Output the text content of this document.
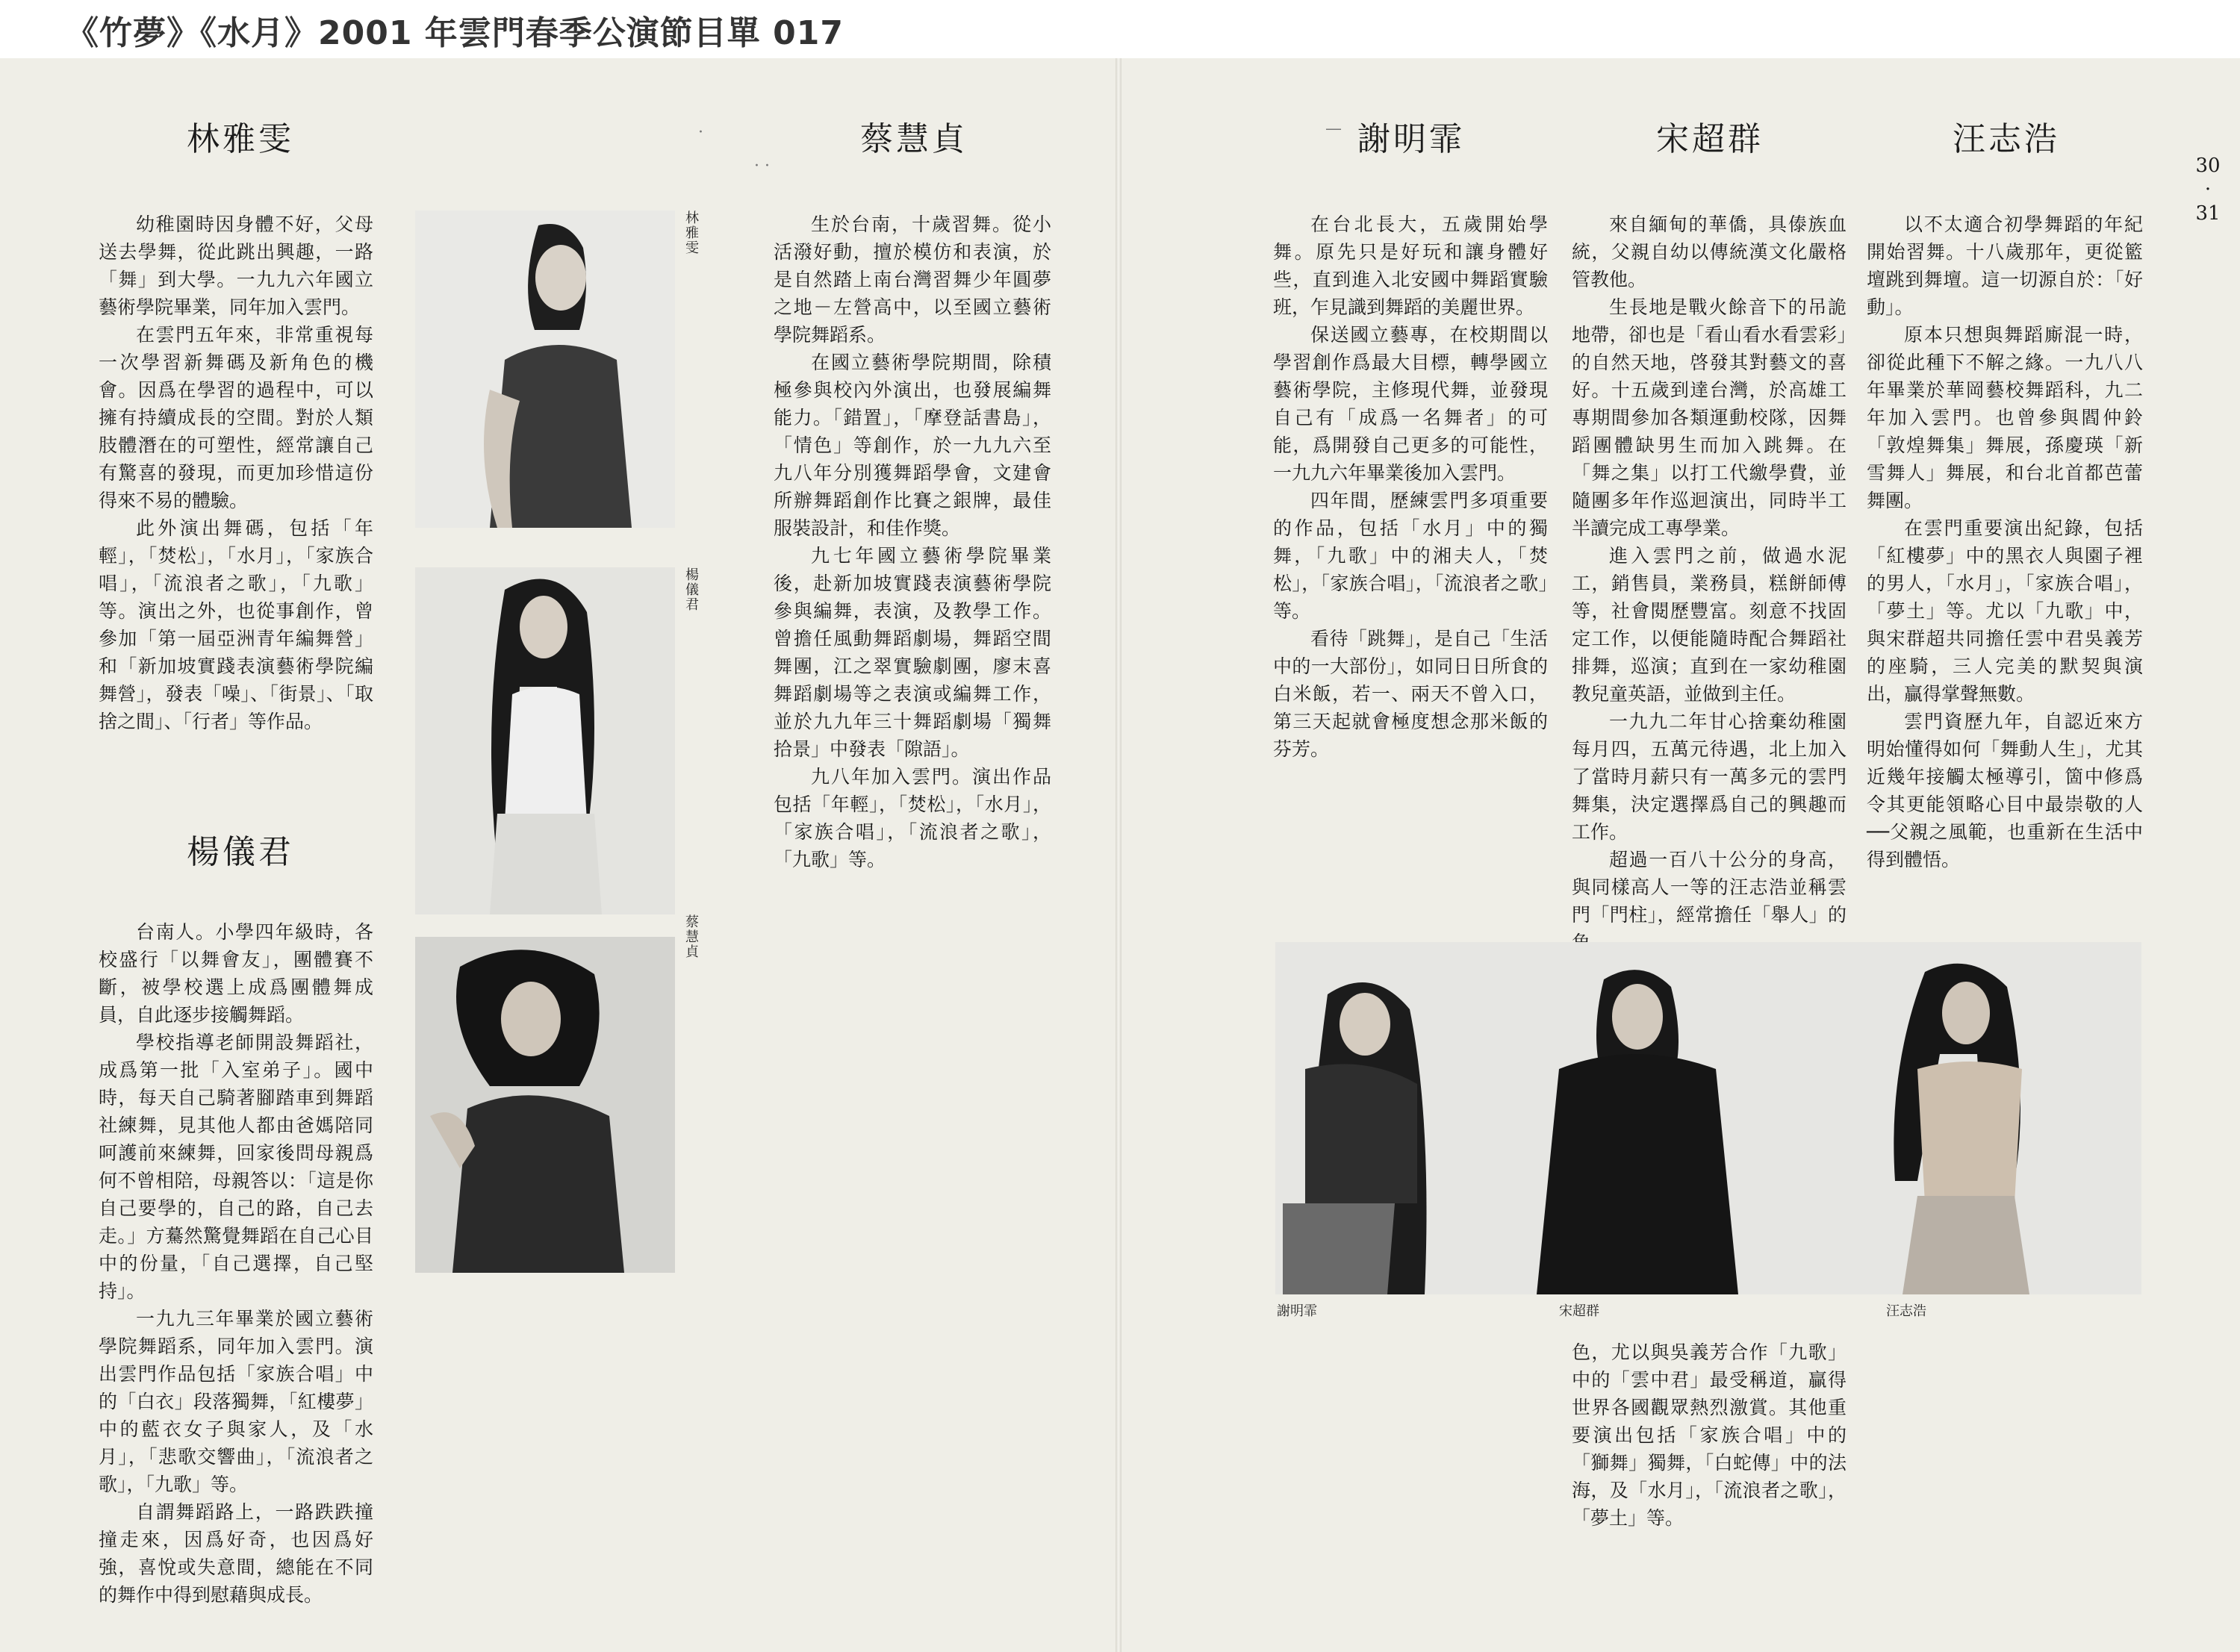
《竹夢》《水月》2001 年雲門春季公演節目單 017
林雅雯

幼稚園時因身體不好，父母送去學舞，從此跳出興趣，一路「舞」到大學。一九九六年國立藝術學院畢業，同年加入雲門。

在雲門五年來，非常重視每一次學習新舞碼及新角色的機會。因爲在學習的過程中，可以擁有持續成長的空間。對於人類肢體潛在的可塑性，經常讓自己有驚喜的發現，而更加珍惜這份得來不易的體驗。

此外演出舞碼，包括「年輕」，「焚松」，「水月」，「家族合唱」，「流浪者之歌」，「九歌」等。演出之外，也從事創作，曾參加「第一屆亞洲青年編舞營」和「新加坡實踐表演藝術學院編舞營」，發表「噪」、「街景」、「取捨之間」、「行者」等作品。

楊儀君

台南人。小學四年級時，各校盛行「以舞會友」，團體賽不斷，被學校選上成爲團體舞成員，自此逐步接觸舞蹈。

學校指導老師開設舞蹈社，成爲第一批「入室弟子」。國中時，每天自己騎著腳踏車到舞蹈社練舞，見其他人都由爸媽陪同呵護前來練舞，回家後問母親爲何不曾相陪，母親答以：「這是你自己要學的，自己的路，自己去走。」方驀然驚覺舞蹈在自己心目中的份量，「自己選擇，自己堅持」。

一九九三年畢業於國立藝術學院舞蹈系，同年加入雲門。演出雲門作品包括「家族合唱」中的「白衣」段落獨舞，「紅樓夢」中的藍衣女子與家人，及「水月」，「悲歌交響曲」，「流浪者之歌」，「九歌」等。

自謂舞蹈路上，一路跌跌撞撞走來，因爲好奇，也因爲好強，喜悅或失意間，總能在不同的舞作中得到慰藉與成長。

林雅雯
楊儀君
蔡慧貞
蔡慧貞

生於台南，十歲習舞。從小活潑好動，擅於模仿和表演，於是自然踏上南台灣習舞少年圓夢之地－左營高中，以至國立藝術學院舞蹈系。

在國立藝術學院期間，除積極參與校內外演出，也發展編舞能力。「錯置」，「摩登話書島」，「情色」等創作，於一九九六至九八年分別獲舞蹈學會，文建會所辦舞蹈創作比賽之銀牌，最佳服裝設計，和佳作獎。

九七年國立藝術學院畢業後，赴新加坡實踐表演藝術學院參與編舞，表演，及教學工作。曾擔任風動舞蹈劇場，舞蹈空間舞團，江之翠實驗劇團，廖末喜舞蹈劇場等之表演或編舞工作，並於九九年三十舞蹈劇場「獨舞拾景」中發表「隙語」。

九八年加入雲門。演出作品包括「年輕」，「焚松」，「水月」，「家族合唱」，「流浪者之歌」，「九歌」等。

·
· ·	30
·
31
— 謝明霏

在台北長大，五歲開始學舞。原先只是好玩和讓身體好些，直到進入北安國中舞蹈實驗班，乍見識到舞蹈的美麗世界。

保送國立藝專，在校期間以學習創作爲最大目標，轉學國立藝術學院，主修現代舞，並發現自己有「成爲一名舞者」的可能，爲開發自己更多的可能性，一九九六年畢業後加入雲門。

四年間，歷練雲門多項重要的作品，包括「水月」中的獨舞，「九歌」中的湘夫人，「焚松」，「家族合唱」，「流浪者之歌」等。

看待「跳舞」，是自己「生活中的一大部份」，如同日日所食的白米飯，若一、兩天不曾入口，第三天起就會極度想念那米飯的芬芳。

宋超群

來自緬甸的華僑，具傣族血統，父親自幼以傳統漢文化嚴格管教他。

生長地是戰火餘音下的吊詭地帶，卻也是「看山看水看雲彩」的自然天地，啓發其對藝文的喜好。十五歲到達台灣，於高雄工專期間參加各類運動校隊，因舞蹈團體缺男生而加入跳舞。在「舞之集」以打工代繳學費，並隨團多年作巡迴演出，同時半工半讀完成工專學業。

進入雲門之前，做過水泥工，銷售員，業務員，糕餅師傅等，社會閱歷豐富。刻意不找固定工作，以便能隨時配合舞蹈社排舞，巡演；直到在一家幼稚園教兒童英語，並做到主任。

一九九二年甘心捨棄幼稚園每月四，五萬元待遇，北上加入了當時月薪只有一萬多元的雲門舞集，決定選擇爲自己的興趣而工作。

超過一百八十公分的身高，與同樣高人一等的汪志浩並稱雲門「門柱」，經常擔任「舉人」的

汪志浩

以不太適合初學舞蹈的年紀開始習舞。十八歲那年，更從籃壇跳到舞壇。這一切源自於：「好動」。

原本只想與舞蹈廝混一時，卻從此種下不解之緣。一九八八年畢業於華岡藝校舞蹈科，九二年加入雲門。也曾參與閻仲鈴「敦煌舞集」舞展，孫慶瑛「新雪舞人」舞展，和台北首都芭蕾舞團。

在雲門重要演出紀錄，包括「紅樓夢」中的黑衣人與園子裡的男人，「水月」，「家族合唱」，「夢土」等。尤以「九歌」中，與宋群超共同擔任雲中君吳義芳的座騎，三人完美的默契與演出，贏得掌聲無數。

雲門資歷九年，自認近來方明始懂得如何「舞動人生」，尤其近幾年接觸太極導引，箇中修爲令其更能領略心目中最崇敬的人──父親之風範，也重新在生活中得到體悟。

謝明霏	宋超群	汪志浩

色，尤以與吳義芳合作「九歌」中的「雲中君」最受稱道，贏得世界各國觀眾熱烈激賞。其他重要演出包括「家族合唱」中的「獅舞」獨舞，「白蛇傳」中的法海，及「水月」，「流浪者之歌」，「夢土」等。
